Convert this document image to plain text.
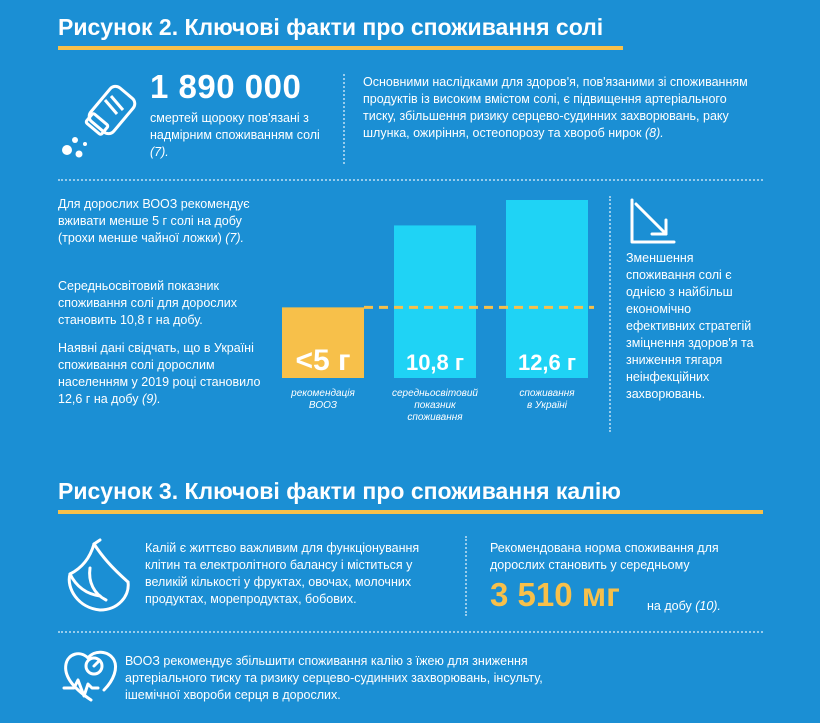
Рисунок 2. Ключові факти про споживання солі
1 890 000
смертей щороку пов'язані з надмірним споживанням солі (7).
Основними наслідками для здоров'я, пов'язаними зі споживанням продуктів із високим вмістом солі, є підвищення артеріального тиску, збільшення ризику серцево-судинних захворювань, раку шлунка, ожиріння, остеопорозу та хвороб нирок (8).
Для дорослих ВООЗ рекомендує вживати менше 5 г солі на добу (трохи менше чайної ложки) (7).
Середньосвітовий показник споживання солі для дорослих становить 10,8 г на добу.
Наявні дані свідчать, що в Україні споживання солі дорослим населенням у 2019 році становило 12,6 г на добу (9).
<5 г	10,8 г 12,6 г
рекомендація ВООЗ
середньосвітовий показник споживання
споживання в Україні
Зменшення споживання солі є однією з найбільш економічно ефективних стратегій зміцнення здоров'я та зниження тягаря неінфекційних захворювань.
Рисунок 3. Ключові факти про споживання калію
Калій є життєво важливим для функціонування клітин та електролітного балансу і міститься у великій кількості у фруктах, овочах, молочних продуктах, морепродуктах, бобових.
Рекомендована норма споживання для дорослих становить у середньому
3 510 мг на добу (10).
ВООЗ рекомендує збільшити споживання калію з їжею для зниження артеріального тиску та ризику серцево-судинних захворювань, інсульту, ішемічної хвороби серця в дорослих.
